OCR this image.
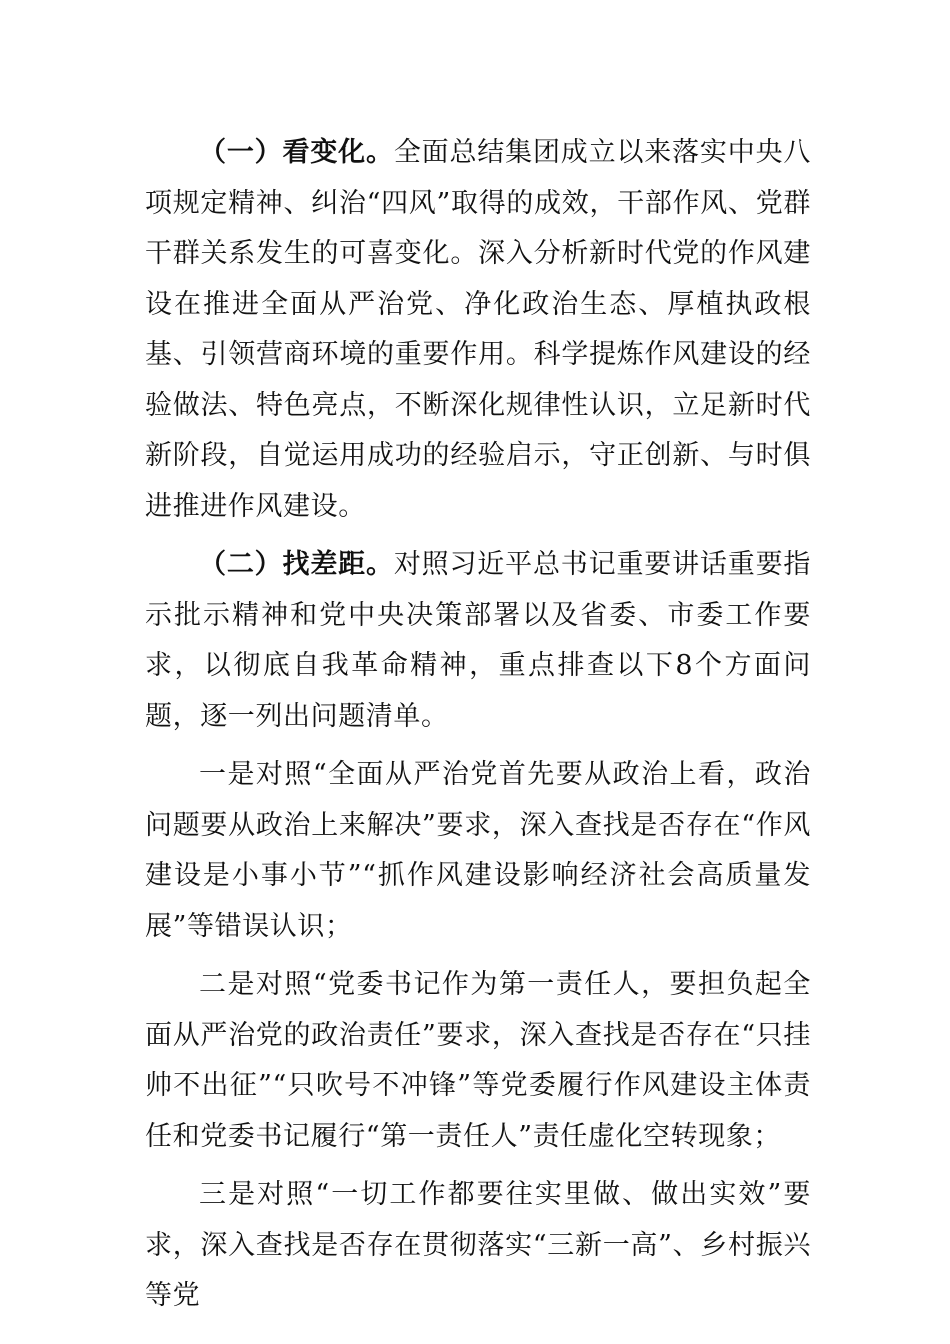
（一）看变化。全面总结集团成立以来落实中央八项规定精神、纠治“四风”取得的成效，干部作风、党群干群关系发生的可喜变化。深入分析新时代党的作风建设在推进全面从严治党、净化政治生态、厚植执政根基、引领营商环境的重要作用。科学提炼作风建设的经验做法、特色亮点，不断深化规律性认识，立足新时代新阶段，自觉运用成功的经验启示，守正创新、与时俱进推进作风建设。

（二）找差距。对照习近平总书记重要讲话重要指示批示精神和党中央决策部署以及省委、市委工作要求，以彻底自我革命精神，重点排查以下8个方面问题，逐一列出问题清单。

一是对照“全面从严治党首先要从政治上看，政治问题要从政治上来解决”要求，深入查找是否存在“作风建设是小事小节”“抓作风建设影响经济社会高质量发展”等错误认识；

二是对照“党委书记作为第一责任人，要担负起全面从严治党的政治责任”要求，深入查找是否存在“只挂帅不出征”“只吹号不冲锋”等党委履行作风建设主体责任和党委书记履行“第一责任人”责任虚化空转现象；

三是对照“一切工作都要往实里做、做出实效”要求，深入查找是否存在贯彻落实“三新一高”、乡村振兴等党
